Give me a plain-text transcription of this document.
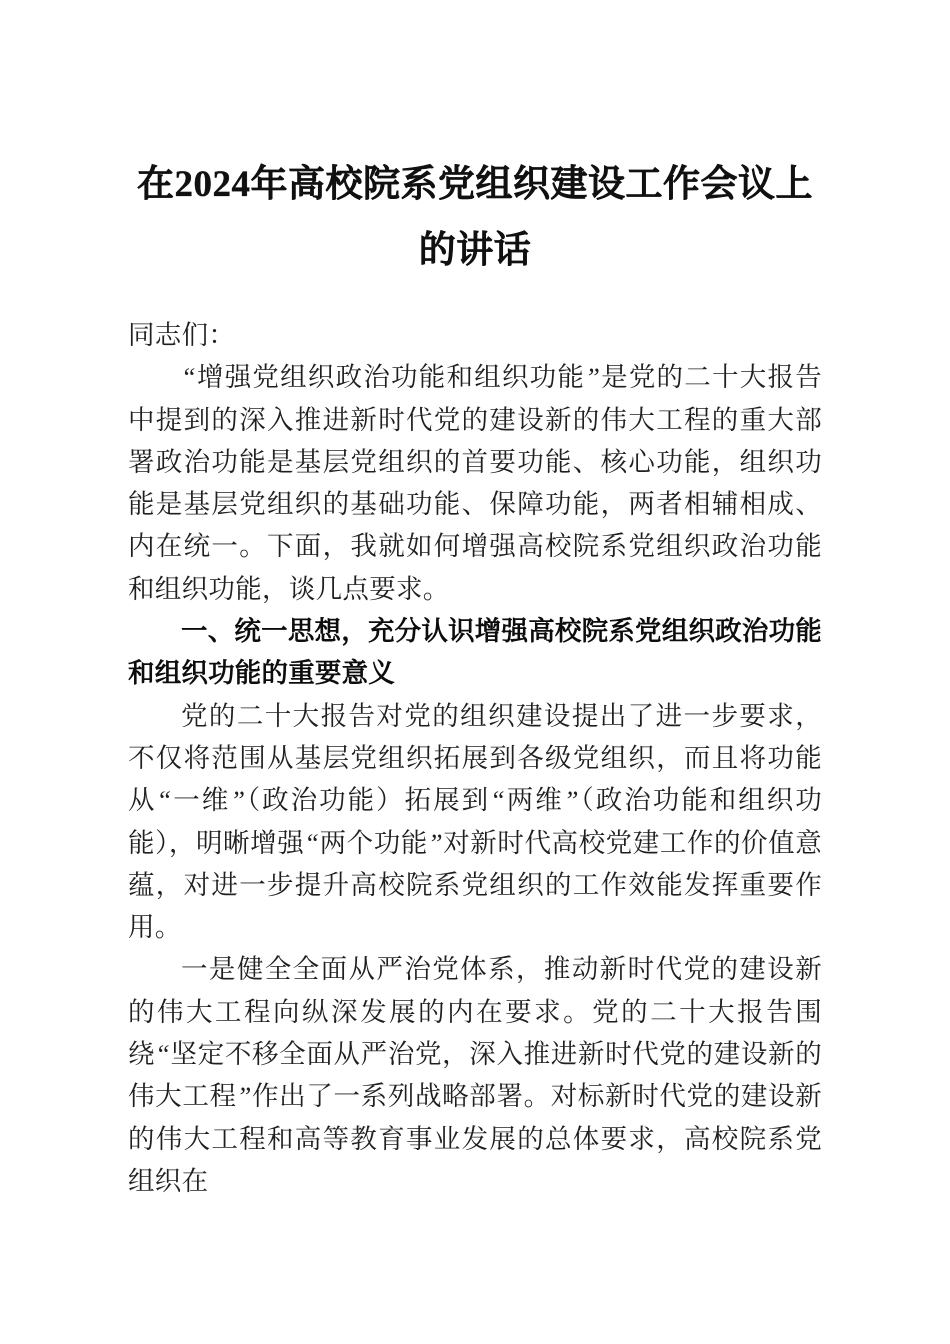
在2024年高校院系党组织建设工作会议上的讲话

同志们：

“增强党组织政治功能和组织功能”是党的二十大报告中提到的深入推进新时代党的建设新的伟大工程的重大部署政治功能是基层党组织的首要功能、核心功能，组织功能是基层党组织的基础功能、保障功能，两者相辅相成、内在统一。下面，我就如何增强高校院系党组织政治功能和组织功能，谈几点要求。

一、统一思想，充分认识增强高校院系党组织政治功能和组织功能的重要意义

党的二十大报告对党的组织建设提出了进一步要求，不仅将范围从基层党组织拓展到各级党组织，而且将功能从“一维”（政治功能）拓展到“两维”（政治功能和组织功能），明晰增强“两个功能”对新时代高校党建工作的价值意蕴，对进一步提升高校院系党组织的工作效能发挥重要作用。

一是健全全面从严治党体系，推动新时代党的建设新的伟大工程向纵深发展的内在要求。党的二十大报告围绕“坚定不移全面从严治党，深入推进新时代党的建设新的伟大工程”作出了一系列战略部署。对标新时代党的建设新的伟大工程和高等教育事业发展的总体要求，高校院系党组织在
